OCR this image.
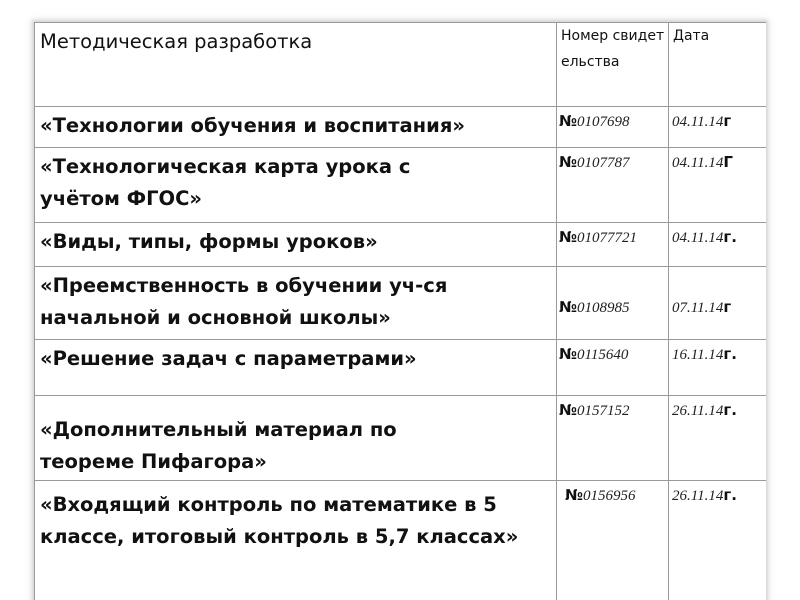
Методическая разработка	Номер свидетельства	Дата
«Технологии обучения и воспитания»	№0107698	04.11.14г
«Технологическая карта урока с учётом ФГОС»	№0107787	04.11.14Г
«Виды, типы, формы уроков»	№01077721	04.11.14г.
«Преемственность в обучении уч-ся начальной и основной школы»	№0108985	07.11.14г
«Решение задач с параметрами»	№0115640	16.11.14г.
«Дополнительный материал по теореме Пифагора»	№0157152	26.11.14г.
«Входящий контроль по математике в 5 классе, итоговый контроль в 5,7 классах»	№0156956	26.11.14г.
